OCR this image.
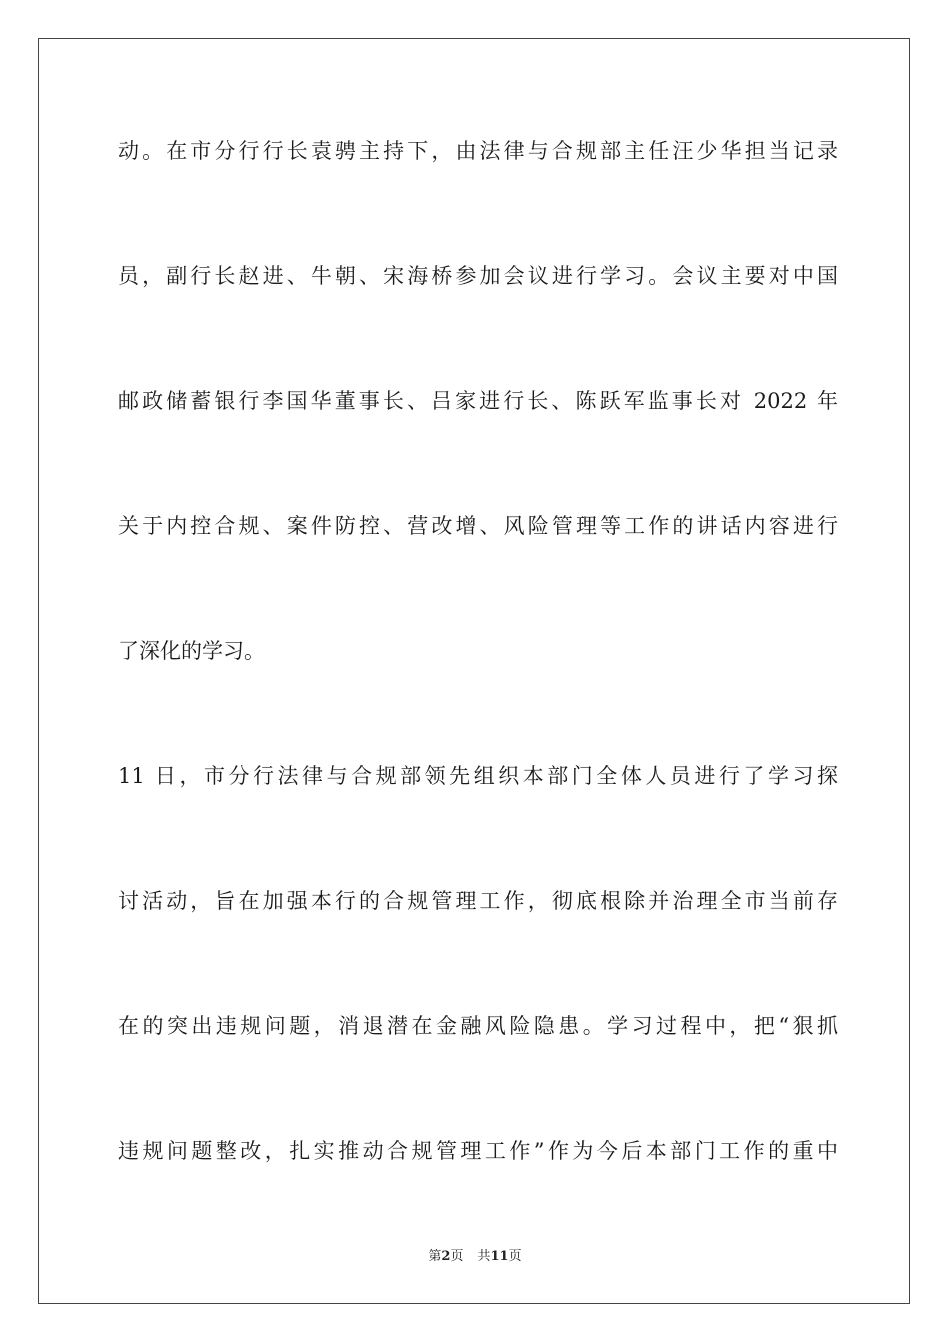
动。在市分行行长袁骋主持下，由法律与合规部主任汪少华担当记录
员，副行长赵进、牛朝、宋海桥参加会议进行学习。会议主要对中国
邮政储蓄银行李国华董事长、吕家进行长、陈跃军监事长对 2022 年
关于内控合规、案件防控、营改增、风险管理等工作的讲话内容进行
了深化的学习。
11 日，市分行法律与合规部领先组织本部门全体人员进行了学习探
讨活动，旨在加强本行的合规管理工作，彻底根除并治理全市当前存
在的突出违规问题，消退潜在金融风险隐患。学习过程中，把“狠抓
违规问题整改，扎实推动合规管理工作”作为今后本部门工作的重中
第2页 共11页
